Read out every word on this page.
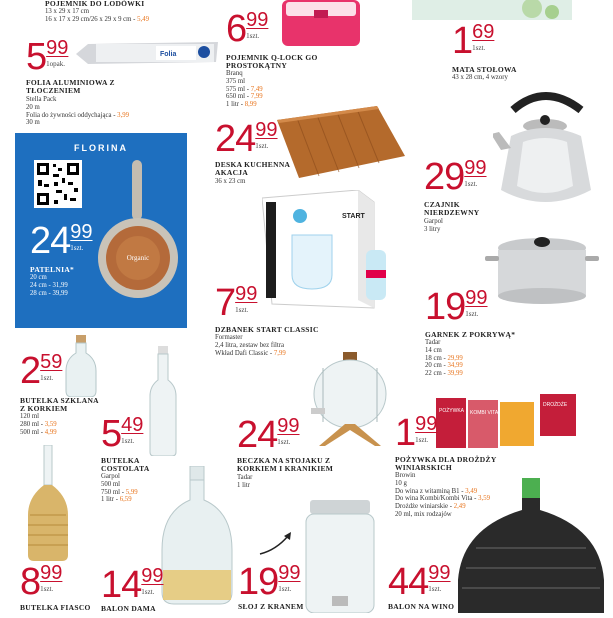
Folia
FLORINA
Organic
START
POŻYWKA KOMBI VITA
DROŻDŻE
POJEMNIK DO LODÓWKI
13 x 29 x 17 cm
16 x 17 x 29 cm/26 x 29 x 9 cm - 5,49
5 99
1opak.
FOLIA ALUMINIOWA Z TŁOCZENIEM
Stella Pack
20 m
Folia do żywności oddychająca - 3,99
30 m
6 99
1szt.
POJEMNIK Q-LOCK GO PROSTOKĄTNY
Branq
375 ml
575 ml - 7,49
650 ml - 7,99
1 litr - 8,99
1 69
1szt.
MATA STOŁOWA
43 x 28 cm, 4 wzory
24 99
1szt.
DESKA KUCHENNA AKACJA
36 x 23 cm	29 99
1szt.
CZAJNIK NIERDZEWNY
Garpol
3 litry
24 99
1szt.
PATELNIA*
20 cm
24 cm - 31,99
28 cm - 39,99	7 99
1szt.
DZBANEK START CLASSIC
Formaster
2,4 litra, zestaw bez filtra
Wkład Dafi Classic - 7,99
19 99
1szt.
GARNEK Z POKRYWĄ*
Tadar
14 cm
18 cm - 29,99
20 cm - 34,99
22 cm - 39,99
2 59
1szt.
BUTELKA SZKLANA Z KORKIEM
120 ml
280 ml - 3,59
500 ml - 4,99 5 49
1szt.
BUTELKA COSTOLATA
Garpol
500 ml
750 ml - 5,99
1 litr - 6,59
24 99
1szt.
BECZKA NA STOJAKU Z KORKIEM I KRANIKIEM
Tadar
1 litr
1 99
1szt.
POŻYWKA DLA DROŻDŻY WINIARSKICH
Browin
10 g
Do wina z witaminą B1 - 3,49
Do wina Kombi/Kombi Vita - 3,59
Drożdże winiarskie - 2,49
20 ml, mix rodzajów
8 99
1szt.
BUTELKA FIASCO
14 99
1szt.
BALON DAMA
19 99
1szt.
SŁOJ Z KRANEM
44 99
1szt.
BALON NA WINO
